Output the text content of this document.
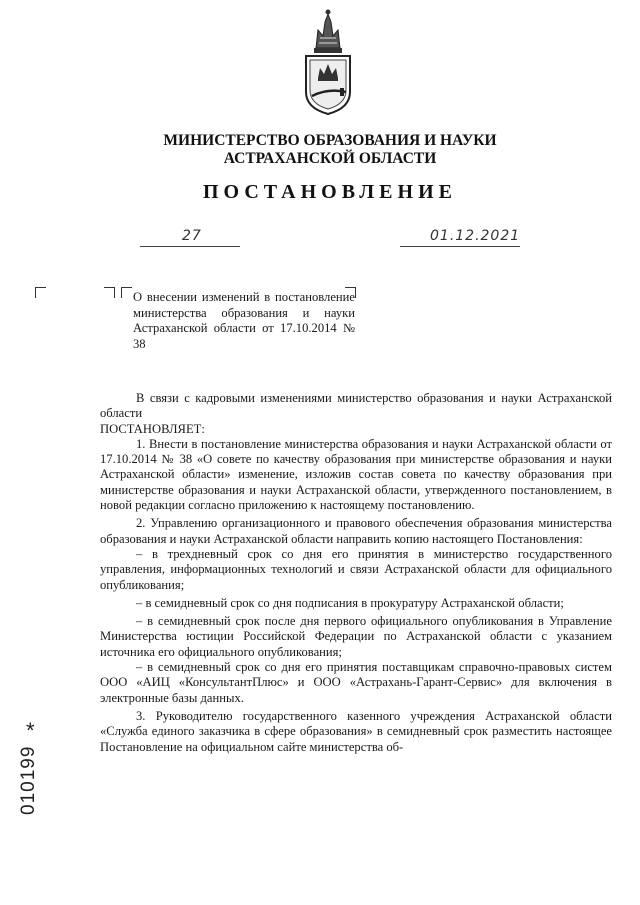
МИНИСТЕРСТВО ОБРАЗОВАНИЯ И НАУКИ
АСТРАХАНСКОЙ ОБЛАСТИ
ПОСТАНОВЛЕНИЕ
27	01.12.2021
О внесении изменений в постановление министерства образования и науки Астраханской области от 17.10.2014 № 38

В связи с кадровыми изменениями министерство образования и науки Астраханской области

ПОСТАНОВЛЯЕТ:

1. Внести в постановление министерства образования и науки Астраханской области от 17.10.2014 № 38 «О совете по качеству образования при министерстве образования и науки Астраханской области» изменение, изложив состав совета по качеству образования при министерстве образования и науки Астраханской области, утвержденного постановлением, в новой редакции согласно приложению к настоящему постановлению.

2. Управлению организационного и правового обеспечения образования министерства образования и науки Астраханской области направить копию настоящего Постановления:

– в трехдневный срок со дня его принятия в министерство государственного управления, информационных технологий и связи Астраханской области для официального опубликования;

– в семидневный срок со дня подписания в прокуратуру Астраханской области;

– в семидневный срок после дня первого официального опубликования в Управление Министерства юстиции Российской Федерации по Астраханской области с указанием источника его официального опубликования;

– в семидневный срок со дня его принятия поставщикам справочно-правовых систем ООО «АИЦ «КонсультантПлюс» и ООО «Астрахань-Гарант-Сервис» для включения в электронные базы данных.

3. Руководителю государственного казенного учреждения Астраханской области «Служба единого заказчика в сфере образования» в семидневный срок разместить настоящее Постановление на официальном сайте министерства об-

*
010199
